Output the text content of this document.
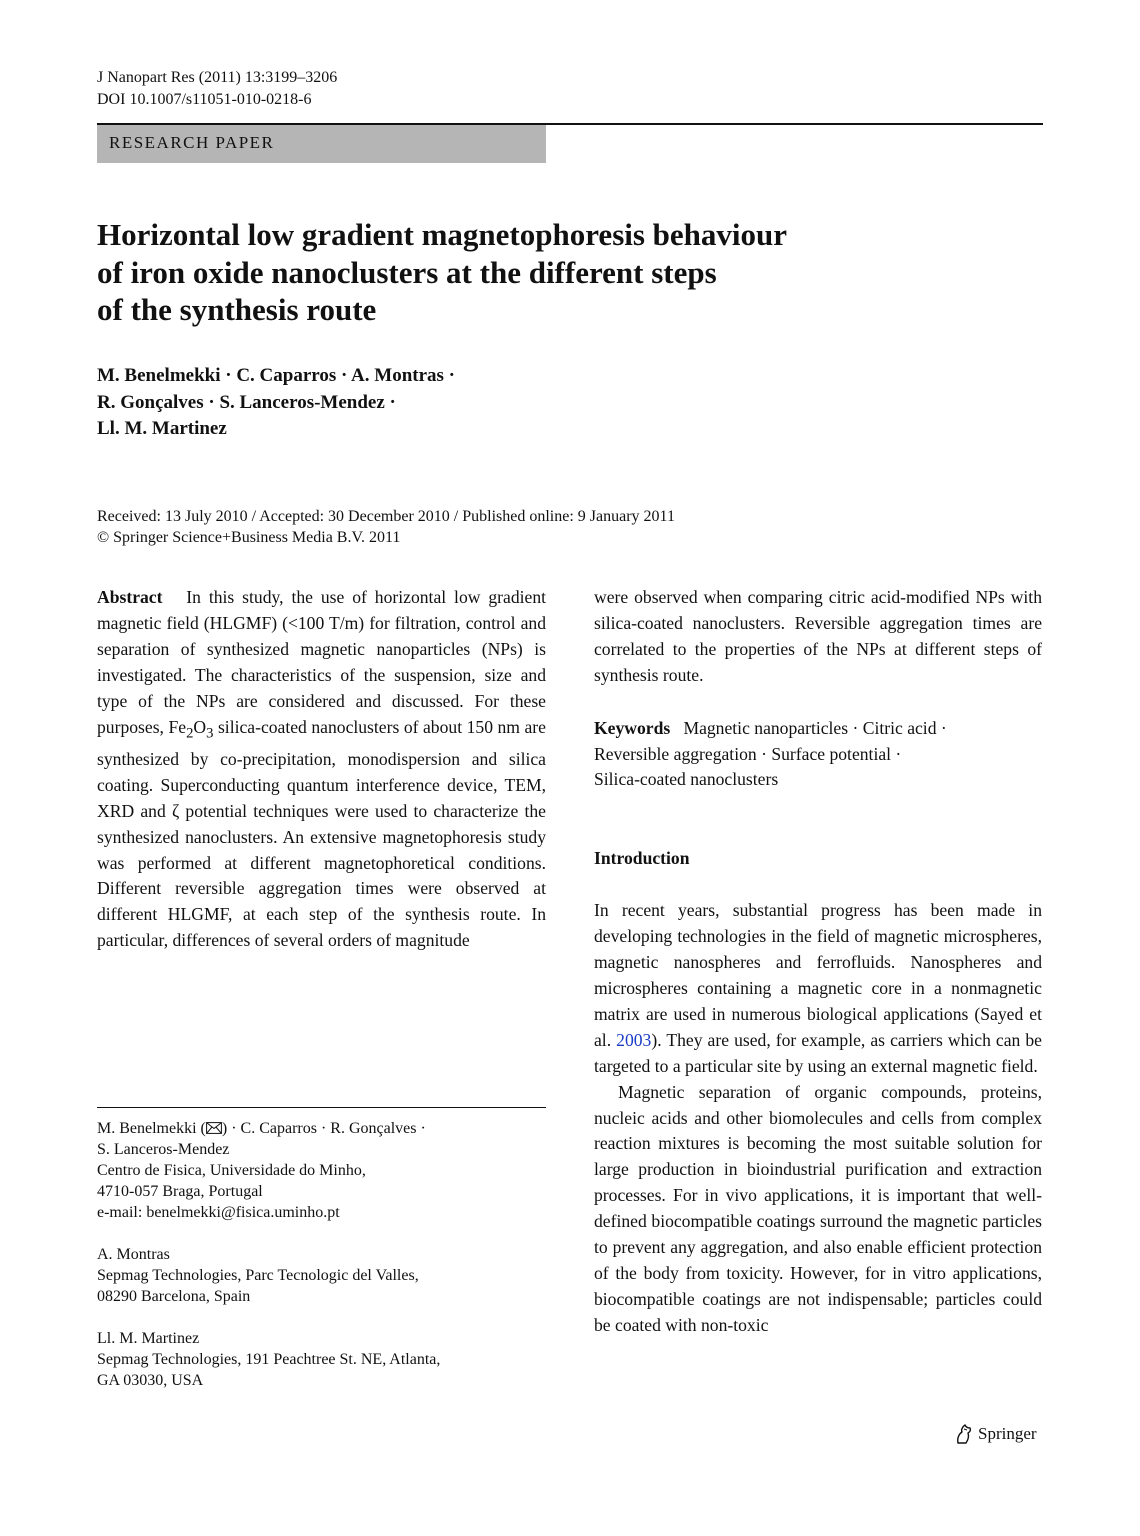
J Nanopart Res (2011) 13:3199–3206
DOI 10.1007/s11051-010-0218-6
RESEARCH PAPER
Horizontal low gradient magnetophoresis behaviour
of iron oxide nanoclusters at the different steps
of the synthesis route
M. Benelmekki · C. Caparros · A. Montras ·
R. Gonçalves · S. Lanceros-Mendez ·
Ll. M. Martinez
Received: 13 July 2010 / Accepted: 30 December 2010 / Published online: 9 January 2011
© Springer Science+Business Media B.V. 2011

Abstract In this study, the use of horizontal low gradient magnetic field (HLGMF) (<100 T/m) for filtration, control and separation of synthesized magnetic nanoparticles (NPs) is investigated. The characteristics of the suspension, size and type of the NPs are considered and discussed. For these purposes, $Fe_2O_3$ silica-coated nanoclusters of about 150 nm are synthesized by co-precipitation, monodispersion and silica coating. Superconducting quantum interference device, TEM, XRD and ζ potential techniques were used to characterize the synthesized nanoclusters. An extensive magnetophoresis study was performed at different magnetophoretical conditions. Different reversible aggregation times were observed at different HLGMF, at each step of the synthesis route. In particular, differences of several orders of magnitude

were observed when comparing citric acid-modified NPs with silica-coated nanoclusters. Reversible aggregation times are correlated to the properties of the NPs at different steps of synthesis route.

Keywords Magnetic nanoparticles · Citric acid ·
Reversible aggregation · Surface potential ·
Silica-coated nanoclusters

Introduction

In recent years, substantial progress has been made in developing technologies in the field of magnetic microspheres, magnetic nanospheres and ferrofluids. Nanospheres and microspheres containing a magnetic core in a nonmagnetic matrix are used in numerous biological applications (Sayed et al. 2003). They are used, for example, as carriers which can be targeted to a particular site by using an external magnetic field.

Magnetic separation of organic compounds, proteins, nucleic acids and other biomolecules and cells from complex reaction mixtures is becoming the most suitable solution for large production in bioindustrial purification and extraction processes. For in vivo applications, it is important that well-defined biocompatible coatings surround the magnetic particles to prevent any aggregation, and also enable efficient protection of the body from toxicity. However, for in vitro applications, biocompatible coatings are not indispensable; particles could be coated with non-toxic

M. Benelmekki ( ) · C. Caparros · R. Gonçalves ·
S. Lanceros-Mendez
Centro de Fisica, Universidade do Minho,
4710-057 Braga, Portugal
e-mail: benelmekki@fisica.uminho.pt

A. Montras
Sepmag Technologies, Parc Tecnologic del Valles,
08290 Barcelona, Spain

Ll. M. Martinez
Sepmag Technologies, 191 Peachtree St. NE, Atlanta,
GA 03030, USA

Springer
